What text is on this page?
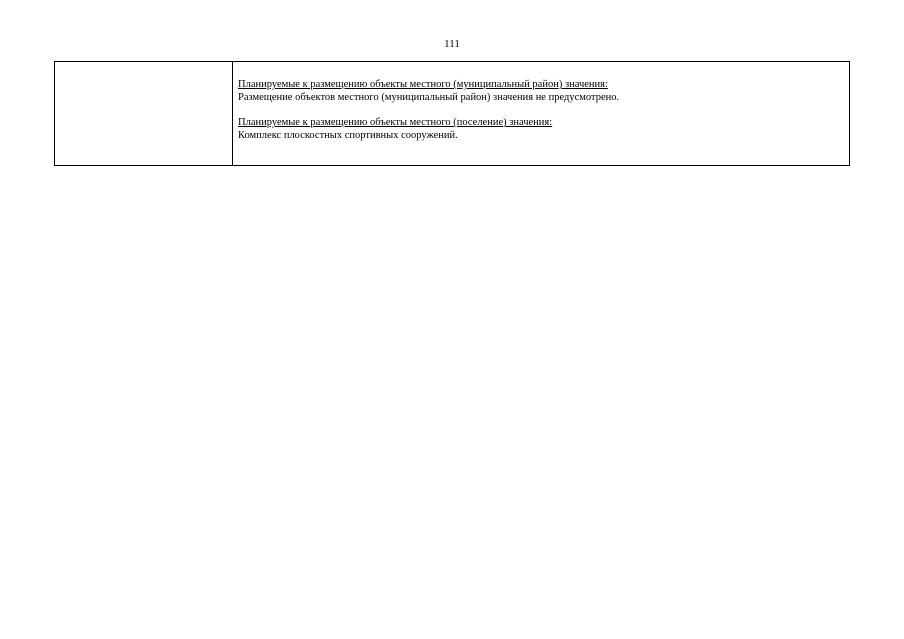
111

Планируемые к размещению объекты местного (муниципальный район) значения:
Размещение объектов местного (муниципальный район) значения не предусмотрено.
Планируемые к размещению объекты местного (поселение) значения:
Комплекс плоскостных спортивных сооружений.
